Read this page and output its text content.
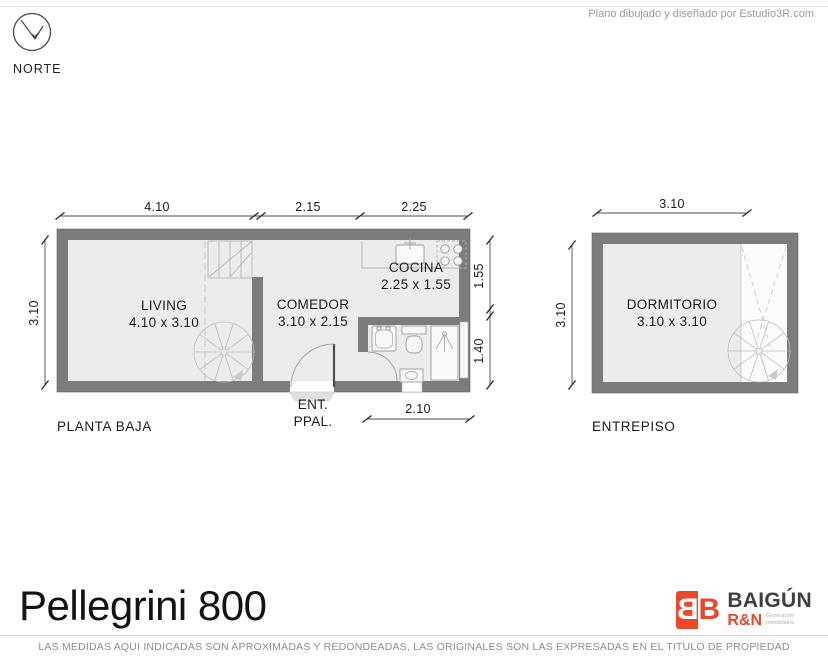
Plano dibujado y diseñado por Estudio3R.com
NORTE
4.10	2.15	2.25
3.10
1.55
1.40
2.10
LIVING
4.10 x 3.10
COMEDOR
3.10 x 2.15
COCINA
2.25 x 1.55
ENT.
PPAL.
PLANTA BAJA
3.10
3.10	DORMITORIO
3.10 x 3.10
ENTREPISO
Pellegrini 800	B B BAIGÚN
R&N Generación
Inmobiliaria
LAS MEDIDAS AQUI INDICADAS SON APROXIMADAS Y REDONDEADAS, LAS ORIGINALES SON LAS EXPRESADAS EN EL TITULO DE PROPIEDAD
